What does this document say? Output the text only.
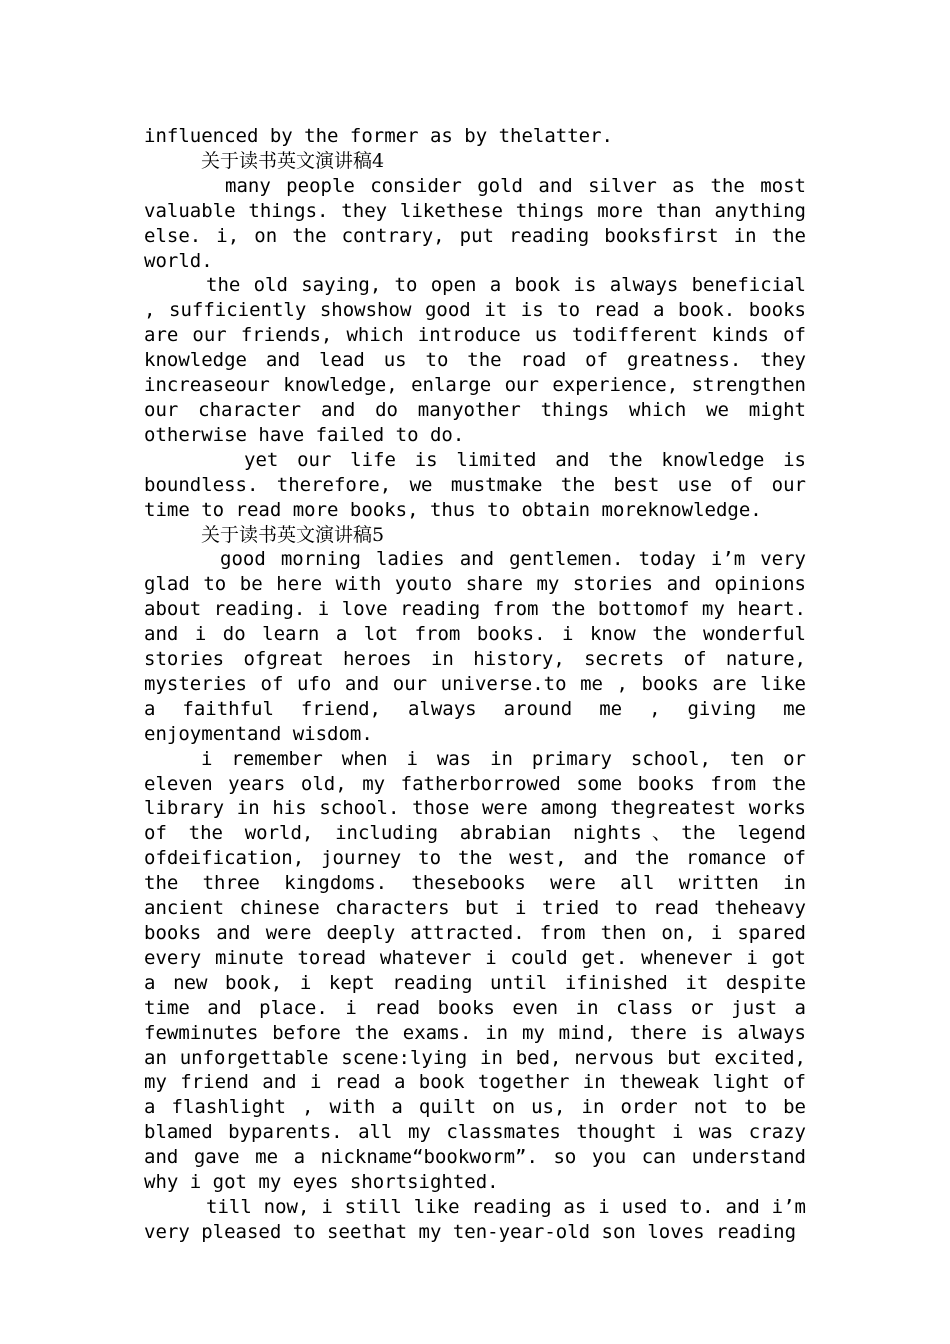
influenced by the former as by thelatter.

关于读书英文演讲稿4

many people consider gold and silver as the most valuable things. they likethese things more than anything else. i, on the contrary, put reading booksfirst in the world.

the old saying, to open a book is always beneficial , sufficiently showshow good it is to read a book. books are our friends, which introduce us todifferent kinds of knowledge and lead us to the road of greatness. they increaseour knowledge, enlarge our experience, strengthen our character and do manyother things which we might otherwise have failed to do.

yet our life is limited and the knowledge is boundless. therefore, we mustmake the best use of our time to read more books, thus to obtain moreknowledge.

关于读书英文演讲稿5

good morning ladies and gentlemen. today i’m very glad to be here with youto share my stories and opinions about reading. i love reading from the bottomof my heart. and i do learn a lot from books. i know the wonderful stories ofgreat heroes in history, secrets of nature, mysteries of ufo and our universe.to me , books are like a faithful friend, always around me , giving me enjoymentand wisdom.

i remember when i was in primary school, ten or eleven years old, my fatherborrowed some books from the library in his school. those were among thegreatest works of the world, including abrabian nights、the legend ofdeification, journey to the west, and the romance of the three kingdoms. thesebooks were all written in ancient chinese characters but i tried to read theheavy books and were deeply attracted. from then on, i spared every minute toread whatever i could get. whenever i got a new book, i kept reading until ifinished it despite time and place. i read books even in class or just a fewminutes before the exams. in my mind, there is always an unforgettable scene:lying in bed, nervous but excited, my friend and i read a book together in theweak light of a flashlight , with a quilt on us, in order not to be blamed byparents. all my classmates thought i was crazy and gave me a nickname“bookworm”. so you can understand why i got my eyes shortsighted.

till now, i still like reading as i used to. and i’m very pleased to seethat my ten-year-old son loves reading
